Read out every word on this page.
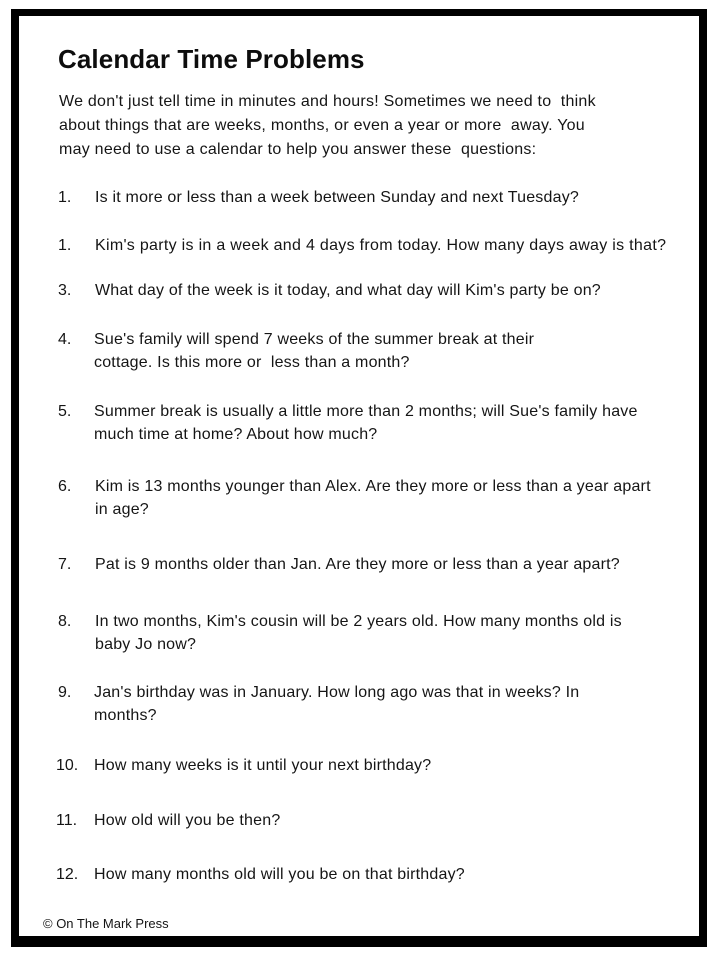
Calendar Time Problems
We don't just tell time in minutes and hours! Sometimes we need to  think
about things that are weeks, months, or even a year or more  away. You
may need to use a calendar to help you answer these  questions:
1. Is it more or less than a week between Sunday and next Tuesday?
1. Kim's party is in a week and 4 days from today. How many days away is that?
3. What day of the week is it today, and what day will Kim's party be on?
4. Sue's family will spend 7 weeks of the summer break at their
cottage. Is this more or  less than a month?
5. Summer break is usually a little more than 2 months; will Sue's family have
much time at home? About how much?
6. Kim is 13 months younger than Alex. Are they more or less than a year apart
in age?
7. Pat is 9 months older than Jan. Are they more or less than a year apart?
8. In two months, Kim's cousin will be 2 years old. How many months old is
baby Jo now?
9. Jan's birthday was in January. How long ago was that in weeks? In
months?
10. How many weeks is it until your next birthday?
11. How old will you be then?
12. How many months old will you be on that birthday?
© On The Mark Press
